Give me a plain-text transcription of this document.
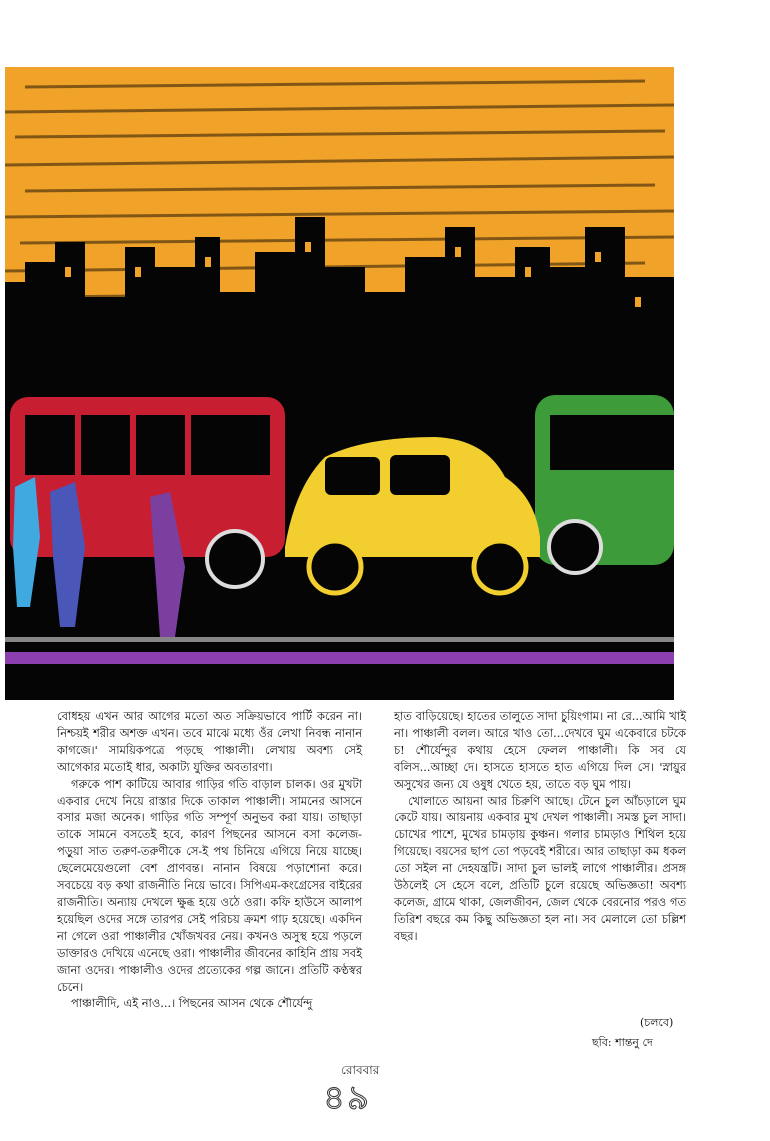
বোধহয় এখন আর আগের মতো অত সক্রিয়ভাবে পার্টি করেন না। নিশ্চয়ই শরীর অশক্ত এখন। তবে মাঝে মধ্যে ওঁর লেখা নিবন্ধ নানান কাগজে।' সাময়িকপত্রে পড়ছে পাঞ্চালী। লেখায় অবশ্য সেই আগেকার মতোই ধার, অকাট্য যুক্তির অবতারণা।

গরুকে পাশ কাটিয়ে আবার গাড়ির গতি বাড়াল চালক। ওর মুখটা একবার দেখে নিয়ে রাস্তার দিকে তাকাল পাঞ্চালী। সামনের আসনে বসার মজা অনেক। গাড়ির গতি সম্পূর্ণ অনুভব করা যায়। তাছাড়া তাকে সামনে বসতেই হবে, কারণ পিছনের আসনে বসা কলেজ-পড়ুয়া সাত তরুণ-তরুণীকে সে-ই পথ চিনিয়ে এগিয়ে নিয়ে যাচ্ছে। ছেলেমেয়েগুলো বেশ প্রাণবন্ত। নানান বিষয়ে পড়াশোনা করে। সবচেয়ে বড় কথা রাজনীতি নিয়ে ভাবে। সিপিএম-কংগ্রেসের বাইরের রাজনীতি। অন্যায় দেখলে ক্ষুব্ধ হয়ে ওঠে ওরা। কফি হাউসে আলাপ হয়েছিল ওদের সঙ্গে তারপর সেই পরিচয় ক্রমশ গাঢ় হয়েছে। একদিন না গেলে ওরা পাঞ্চালীর খোঁজখবর নেয়। কখনও অসুস্থ হয়ে পড়লে ডাক্তারও দেখিয়ে এনেছে ওরা। পাঞ্চালীর জীবনের কাহিনি প্রায় সবই জানা ওদের। পাঞ্চালীও ওদের প্রত্যেকের গল্প জানে। প্রতিটি কণ্ঠস্বর চেনে।

পাঞ্চালীদি, এই নাও...। পিছনের আসন থেকে শৌর্যেন্দু

হাত বাড়িয়েছে। হাতের তালুতে সাদা চুয়িংগাম। না রে...আমি খাই না। পাঞ্চালী বলল। আরে খাও তো...দেখবে ঘুম একেবারে চটকে চ! শৌর্যেন্দুর কথায় হেসে ফেলল পাঞ্চালী। কি সব যে বলিস...আচ্ছা দে। হাসতে হাসতে হাত এগিয়ে দিল সে। 'স্নায়ুর অসুখের জন্য যে ওষুধ খেতে হয়, তাতে বড় ঘুম পায়।

খোলাতে আয়না আর চিরুণি আছে। টেনে চুল আঁচড়ালে ঘুম কেটে যায়। আয়নায় একবার মুখ দেখল পাঞ্চালী। সমস্ত চুল সাদা। চোখের পাশে, মুখের চামড়ায় কুঞ্চন। গলার চামড়াও শিথিল হয়ে গিয়েছে। বয়সের ছাপ তো পড়বেই শরীরে। আর তাছাড়া কম ধকল তো সইল না দেহযন্ত্রটি। সাদা চুল ভালই লাগে পাঞ্চালীর। প্রসঙ্গ উঠলেই সে হেসে বলে, প্রতিটি চুলে রয়েছে অভিজ্ঞতা! অবশ্য কলেজ, গ্রামে থাকা, জেলজীবন, জেল থেকে বেরনোর পরও গত তিরিশ বছরে কম কিছু অভিজ্ঞতা হল না। সব মেলালে তো চল্লিশ বছর।

(চলবে)
ছবি: শান্তনু দে
রোববার
৪৯
